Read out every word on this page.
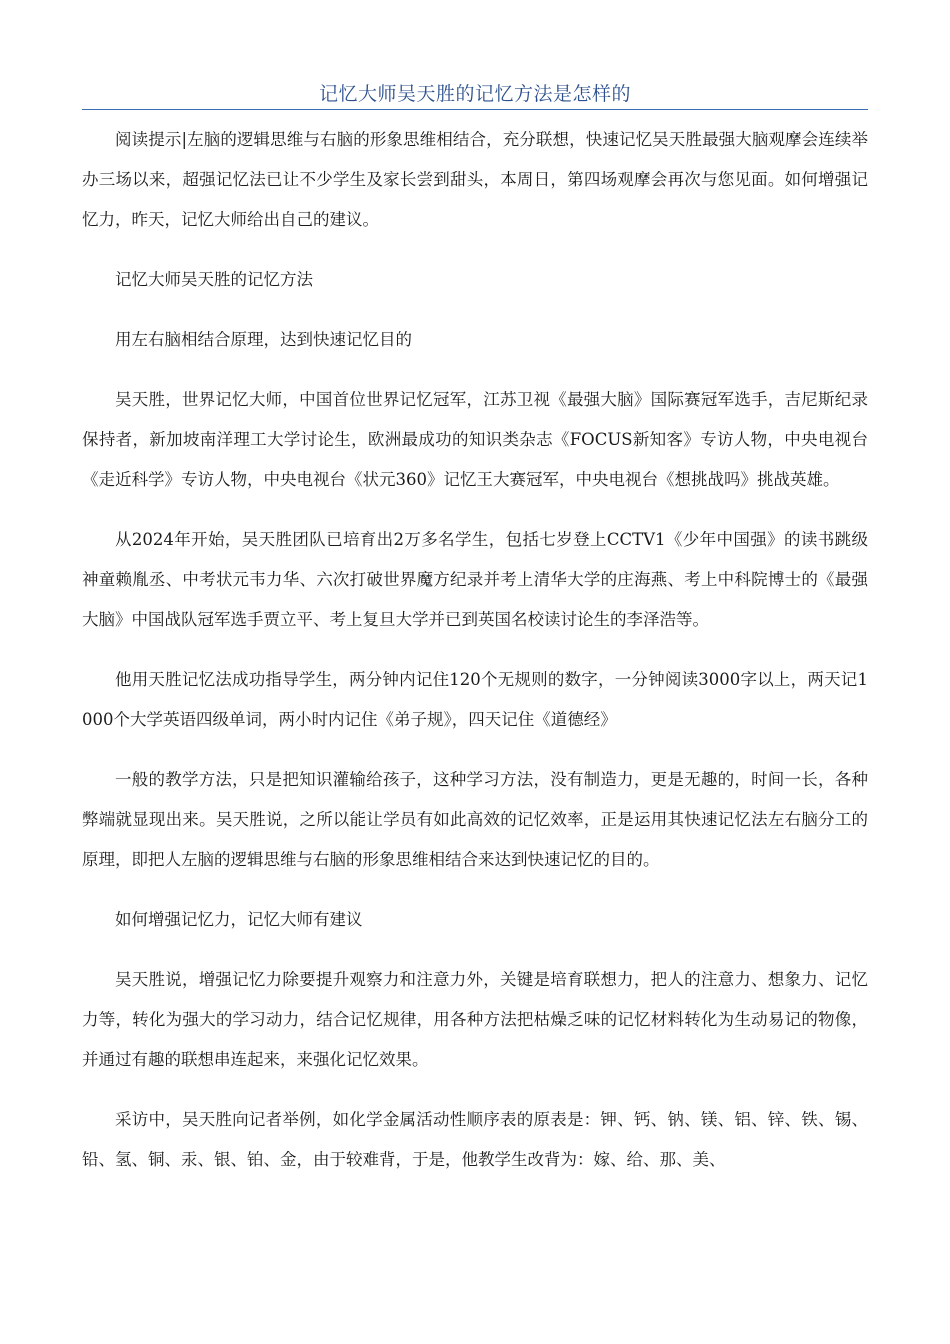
记忆大师吴天胜的记忆方法是怎样的

阅读提示|左脑的逻辑思维与右脑的形象思维相结合，充分联想，快速记忆吴天胜最强大脑观摩会连续举办三场以来，超强记忆法已让不少学生及家长尝到甜头，本周日，第四场观摩会再次与您见面。如何增强记忆力，昨天，记忆大师给出自己的建议。

记忆大师吴天胜的记忆方法

用左右脑相结合原理，达到快速记忆目的

吴天胜，世界记忆大师，中国首位世界记忆冠军，江苏卫视《最强大脑》国际赛冠军选手，吉尼斯纪录保持者，新加坡南洋理工大学讨论生，欧洲最成功的知识类杂志《FOCUS新知客》专访人物，中央电视台《走近科学》专访人物，中央电视台《状元360》记忆王大赛冠军，中央电视台《想挑战吗》挑战英雄。

从2024年开始，吴天胜团队已培育出2万多名学生，包括七岁登上CCTV1《少年中国强》的读书跳级神童赖胤丞、中考状元韦力华、六次打破世界魔方纪录并考上清华大学的庄海燕、考上中科院博士的《最强大脑》中国战队冠军选手贾立平、考上复旦大学并已到英国名校读讨论生的李泽浩等。

他用天胜记忆法成功指导学生，两分钟内记住120个无规则的数字，一分钟阅读3000字以上，两天记1000个大学英语四级单词，两小时内记住《弟子规》，四天记住《道德经》

一般的教学方法，只是把知识灌输给孩子，这种学习方法，没有制造力，更是无趣的，时间一长，各种弊端就显现出来。吴天胜说，之所以能让学员有如此高效的记忆效率，正是运用其快速记忆法左右脑分工的原理，即把人左脑的逻辑思维与右脑的形象思维相结合来达到快速记忆的目的。

如何增强记忆力，记忆大师有建议

吴天胜说，增强记忆力除要提升观察力和注意力外，关键是培育联想力，把人的注意力、想象力、记忆力等，转化为强大的学习动力，结合记忆规律，用各种方法把枯燥乏味的记忆材料转化为生动易记的物像，并通过有趣的联想串连起来，来强化记忆效果。

采访中，吴天胜向记者举例，如化学金属活动性顺序表的原表是：钾、钙、钠、镁、铝、锌、铁、锡、铅、氢、铜、汞、银、铂、金，由于较难背，于是，他教学生改背为：嫁、给、那、美、
